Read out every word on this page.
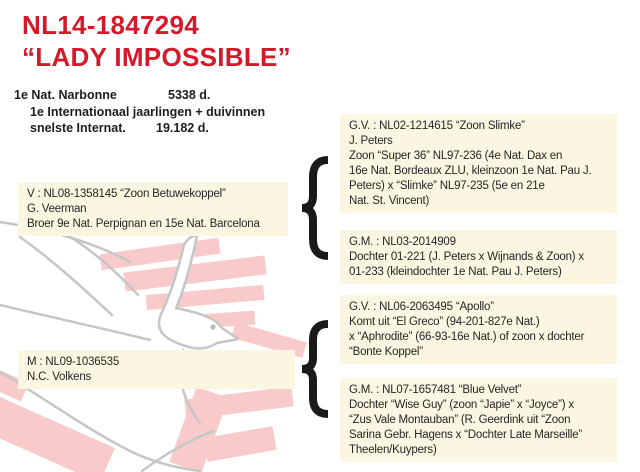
NL14-1847294
“LADY IMPOSSIBLE”
1e Nat. Narbonne	5338 d.
1e Internationaal jaarlingen + duivinnen
snelste Internat. 19.182 d.
V : NL08-1358145 “Zoon Betuwekoppel”
G. Veerman
Broer 9e Nat. Perpignan en 15e Nat. Barcelona
M : NL09-1036535
N.C. Volkens
G.V. : NL02-1214615 “Zoon Slimke”
J. Peters
Zoon “Super 36” NL97-236 (4e Nat. Dax en
16e Nat. Bordeaux ZLU, kleinzoon 1e Nat. Pau J.
Peters) x “Slimke” NL97-235 (5e en 21e
Nat. St. Vincent)
G.M. : NL03-2014909
Dochter 01-221 (J. Peters x Wijnands & Zoon) x
01-233 (kleindochter 1e Nat. Pau J. Peters)
G.V. : NL06-2063495 “Apollo”
Komt uit “El Greco” (94-201-827e Nat.)
x “Aphrodite” (66-93-16e Nat.) of zoon x dochter
“Bonte Koppel”
G.M. : NL07-1657481 “Blue Velvet”
Dochter “Wise Guy” (zoon “Japie” x “Joyce”) x
“Zus Vale Montauban” (R. Geerdink uit “Zoon
Sarina Gebr. Hagens x “Dochter Late Marseille”
Theelen/Kuypers)
